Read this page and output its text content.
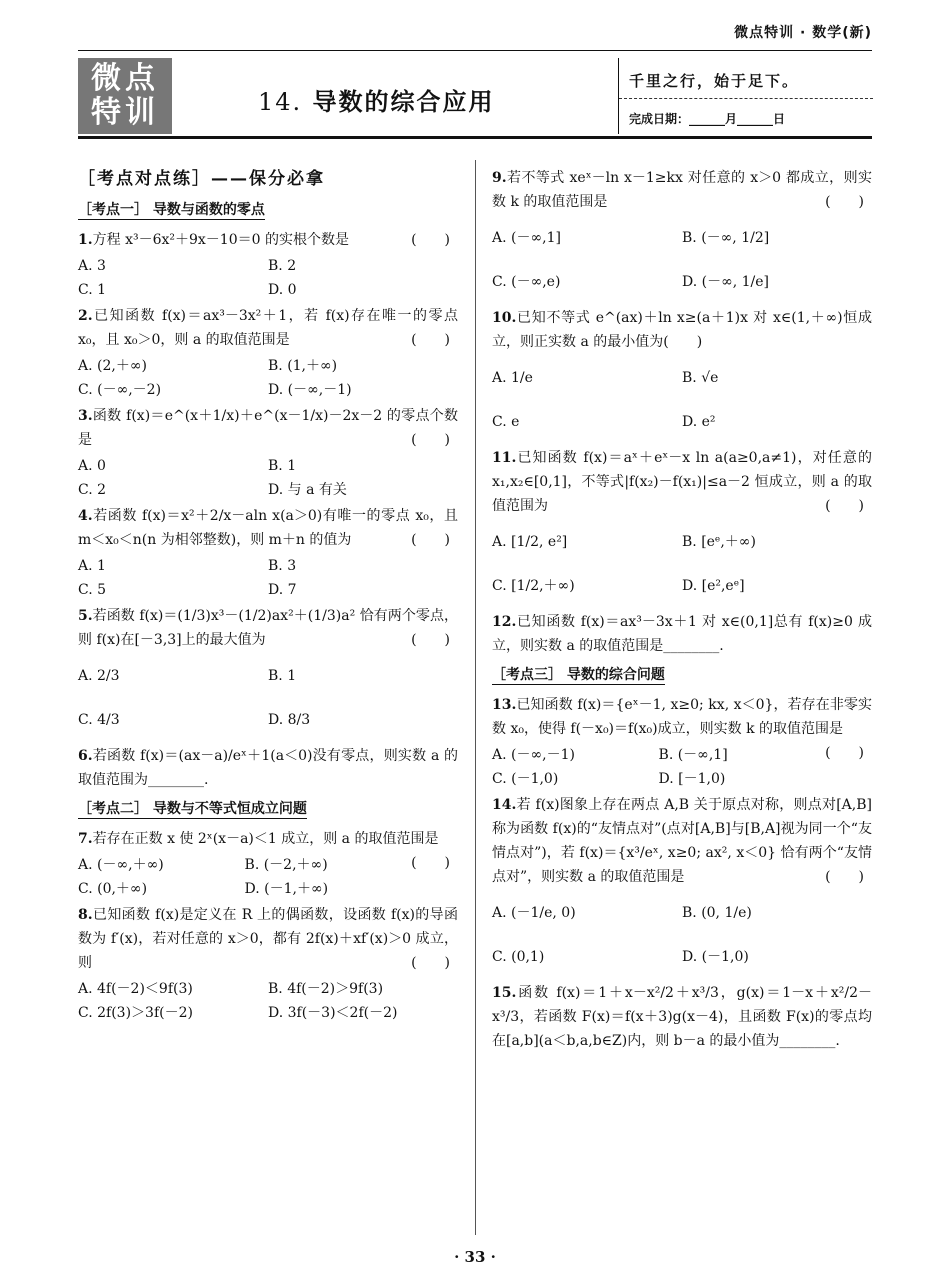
微点特训 · 数学(新)
微点
特训	14. 导数的综合应用
千里之行，始于足下。
完成日期：______月______日
［考点对点练］——保分必拿
［考点一］ 导数与函数的零点
1.方程 x³－6x²＋9x－10＝0 的实根个数是	(　　)
A. 3	B. 2
C. 1	D. 0
2.已知函数 f(x)＝ax³－3x²＋1，若 f(x)存在唯一的零点 x₀，且 x₀＞0，则 a 的取值范围是	(　　)
A. (2,＋∞)	B. (1,＋∞)
C. (－∞,－2)	D. (－∞,－1)
3.函数 f(x)＝e^(x＋1/x)＋e^(x－1/x)－2x－2 的零点个数是	(　　)
A. 0	B. 1
C. 2	D. 与 a 有关
4.若函数 f(x)＝x²＋2/x－aln x(a＞0)有唯一的零点 x₀，且 m＜x₀＜n(n 为相邻整数)，则 m＋n 的值为	(　　)
A. 1	B. 3
C. 5	D. 7
5.若函数 f(x)＝(1/3)x³－(1/2)ax²＋(1/3)a² 恰有两个零点，则 f(x)在[－3,3]上的最大值为	(　　)
A. 2/3	B. 1
C. 4/3	D. 8/3
6.若函数 f(x)＝(ax－a)/eˣ＋1(a＜0)没有零点，则实数 a 的取值范围为________.
［考点二］ 导数与不等式恒成立问题
7.若存在正数 x 使 2ˣ(x－a)＜1 成立，则 a 的取值范围是
(　　)
A. (－∞,＋∞)	B. (－2,＋∞)
C. (0,＋∞)	D. (－1,＋∞)
8.已知函数 f(x)是定义在 R 上的偶函数，设函数 f(x)的导函数为 f′(x)，若对任意的 x＞0，都有 2f(x)＋xf′(x)＞0 成立，则	(　　)
A. 4f(－2)＜9f(3)	B. 4f(－2)＞9f(3)
C. 2f(3)＞3f(－2)	D. 3f(－3)＜2f(－2)
9.若不等式 xeˣ－ln x－1≥kx 对任意的 x＞0 都成立，则实数 k 的取值范围是	(　　)
A. (－∞,1]	B. (－∞, 1/2]
C. (－∞,e)	D. (－∞, 1/e]
10.已知不等式 e^(ax)＋ln x≥(a＋1)x 对 x∈(1,＋∞)恒成立，则正实数 a 的最小值为(　　)
A. 1/e	B. √e
C. e	D. e²
11.已知函数 f(x)＝aˣ＋eˣ－x ln a(a≥0,a≠1)，对任意的 x₁,x₂∈[0,1]，不等式|f(x₂)－f(x₁)|≤a－2 恒成立，则 a 的取值范围为	(　　)
A. [1/2, e²]	B. [eᵉ,＋∞)
C. [1/2,＋∞)	D. [e²,eᵉ]
12.已知函数 f(x)＝ax³－3x＋1 对 x∈(0,1]总有 f(x)≥0 成立，则实数 a 的取值范围是________.
［考点三］ 导数的综合问题
13.已知函数 f(x)＝{eˣ－1, x≥0; kx, x＜0}，若存在非零实数 x₀，使得 f(－x₀)＝f(x₀)成立，则实数 k 的取值范围是
(　　)
A. (－∞,－1)	B. (－∞,1]
C. (－1,0)	D. [－1,0)
14.若 f(x)图象上存在两点 A,B 关于原点对称，则点对[A,B]称为函数 f(x)的“友情点对”(点对[A,B]与[B,A]视为同一个“友情点对”)，若 f(x)＝{x³/eˣ, x≥0; ax², x＜0} 恰有两个“友情点对”，则实数 a 的取值范围是	(　　)
A. (－1/e, 0)	B. (0, 1/e)
C. (0,1)	D. (－1,0)
15.函数 f(x)＝1＋x－x²/2＋x³/3，g(x)＝1－x＋x²/2－x³/3，若函数 F(x)＝f(x＋3)g(x－4)，且函数 F(x)的零点均在[a,b](a＜b,a,b∈Z)内，则 b－a 的最小值为________.
· 33 ·
